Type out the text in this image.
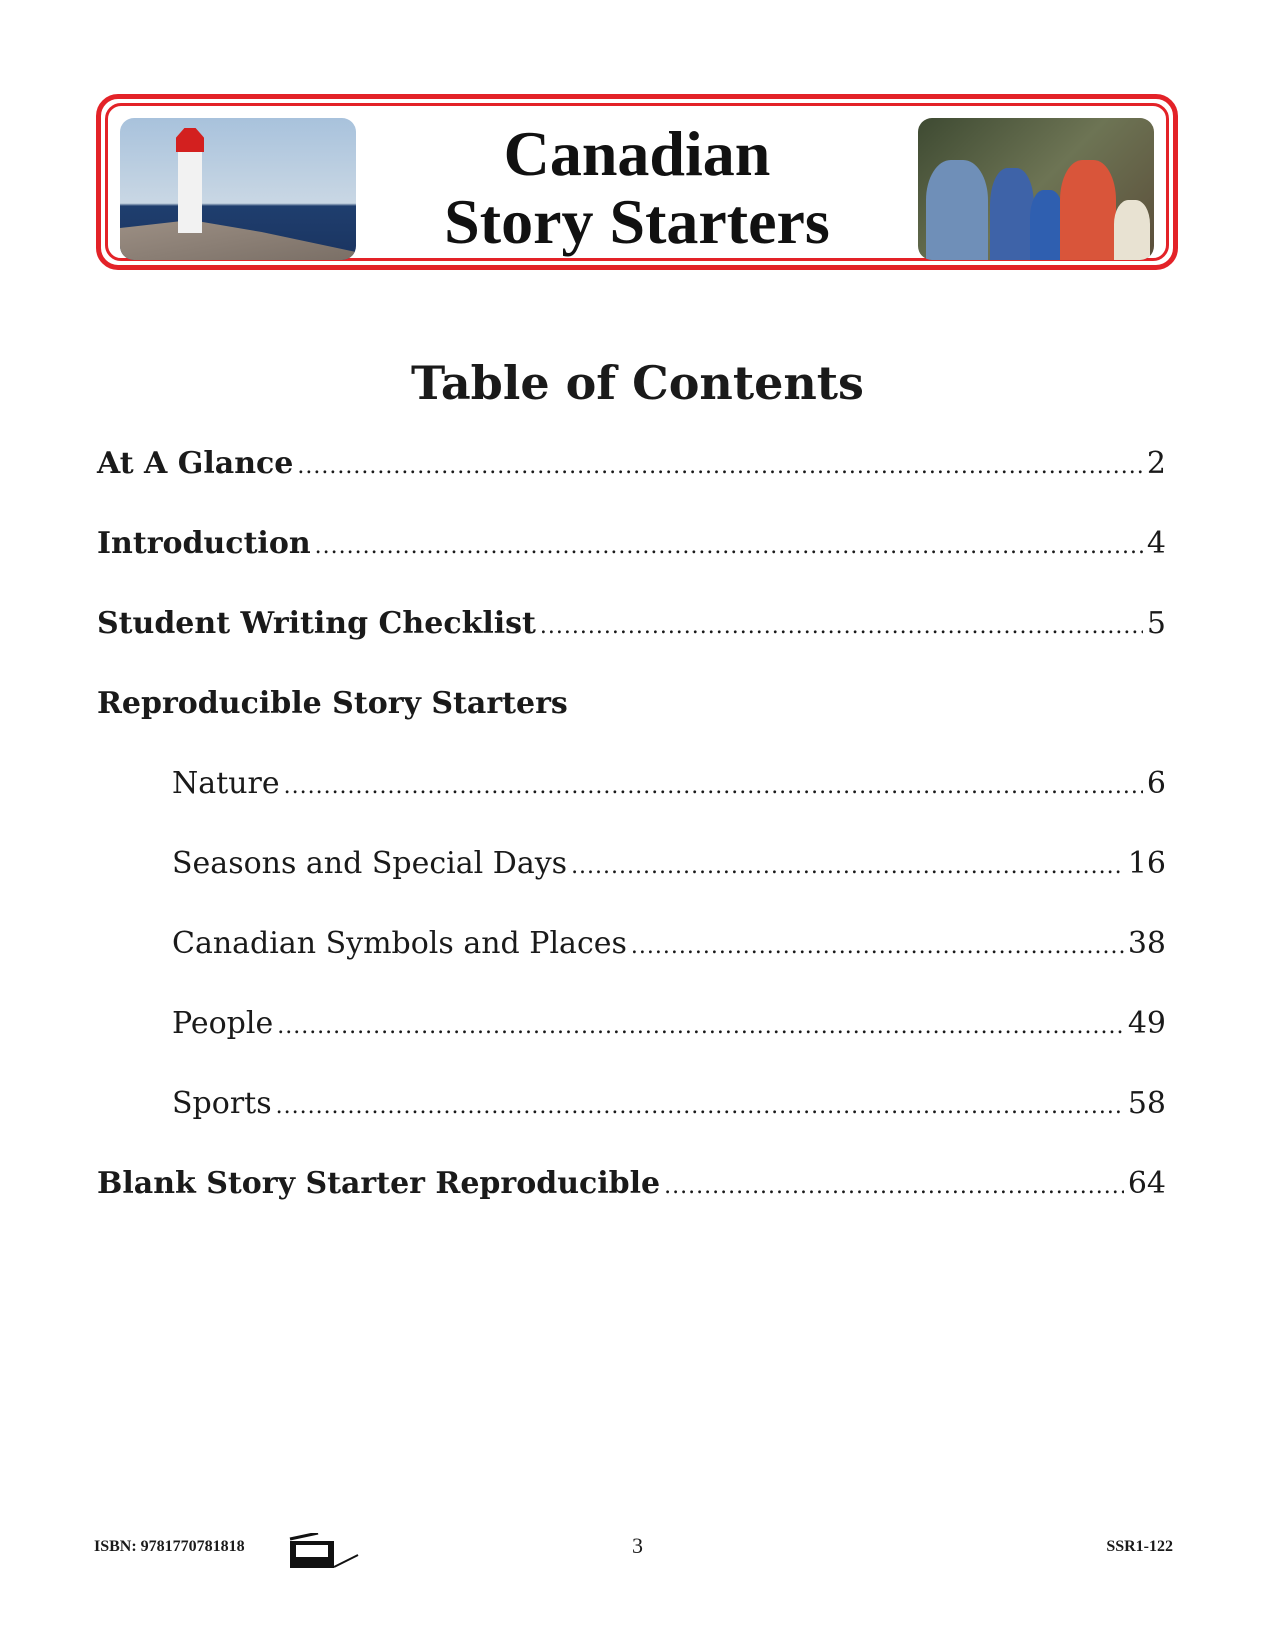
Canadian
Story Starters
Table of Contents
At A Glance .....	2
Introduction .....	4
Student Writing Checklist .....	5
Reproducible Story Starters
Nature .....	6
Seasons and Special Days .....	16
Canadian Symbols and Places .....	38
People .....	49
Sports .....	58
Blank Story Starter Reproducible .....	64
ISBN: 9781770781818	3	SSR1-122
